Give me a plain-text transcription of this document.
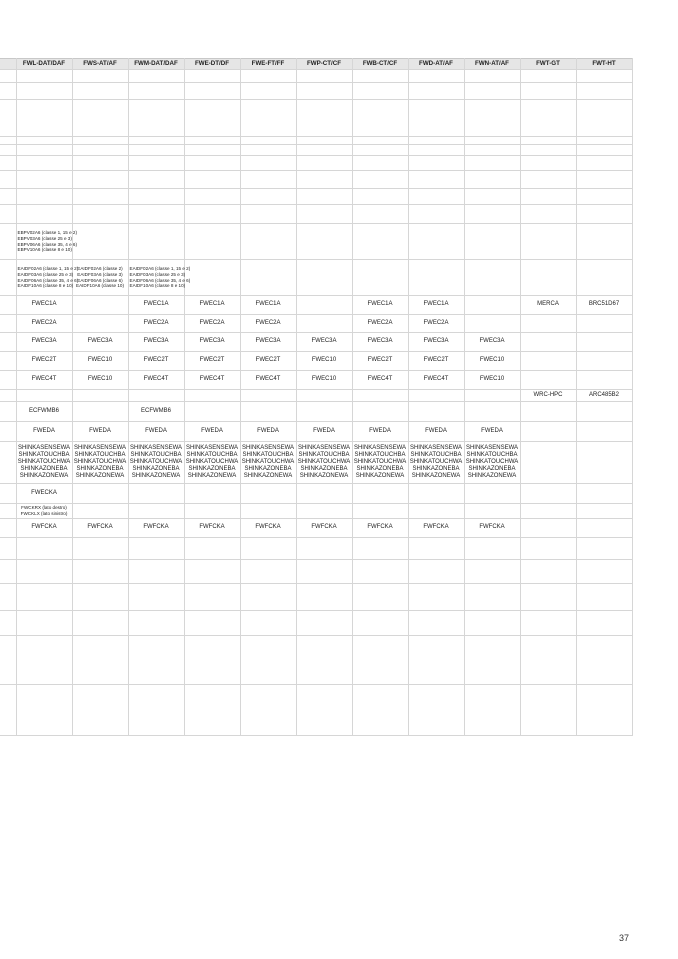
	FWL-DAT/DAF	FWS-AT/AF	FWM-DAT/DAF	FWE-DT/DF	FWE-FT/FF	FWP-CT/CF	FWB-CT/CF	FWD-AT/AF	FWN-AT/AF	FWT-GT	FWT-HT

	EBPV02A6 (classe 1, 15 e 2)
EBPV03A6 (classe 25 e 3)
EBPV06A6 (classe 35, 4 e 6)
EBPV10A6 (classe 8 e 10)										

	EAIDF02A6 (classe 1, 15 e 2)
EAIDF03A6 (classe 25 e 3)
EAIDF06A6 (classe 35, 4 e 6)
EAIDF10A6 (classe 8 e 10)	EAIDF02A6 (classe 2)
EAIDF03A6 (classe 3)
EAIDF06A6 (classe 6)
EAIDF10A6 (classe 10)	EAIDF02A6 (classe 1, 15 e 2)
EAIDF03A6 (classe 25 e 3)
EAIDF06A6 (classe 35, 4 e 6)
EAIDF10A6 (classe 8 e 10)								

	FWEC1A		FWEC1A	FWEC1A	FWEC1A		FWEC1A	FWEC1A		MERCA	BRC51D67
	FWEC2A		FWEC2A	FWEC2A	FWEC2A		FWEC2A	FWEC2A			
	FWEC3A	FWEC3A	FWEC3A	FWEC3A	FWEC3A	FWEC3A	FWEC3A	FWEC3A	FWEC3A		
	FWEC2T	FWEC10	FWEC2T	FWEC2T	FWEC2T	FWEC10	FWEC2T	FWEC2T	FWEC10		
	FWEC4T	FWEC10	FWEC4T	FWEC4T	FWEC4T	FWEC10	FWEC4T	FWEC4T	FWEC10		
										WRC-HPC	ARC485B2
	ECFWMB6		ECFWMB6								
	FWEDA	FWEDA	FWEDA	FWEDA	FWEDA	FWEDA	FWEDA	FWEDA	FWEDA		

	SHINKASENSEWA
SHINKATOUCHBA
SHINKATOUCHWA
SHINKAZONEBA
SHINKAZONEWA	SHINKASENSEWA
SHINKATOUCHBA
SHINKATOUCHWA
SHINKAZONEBA
SHINKAZONEWA	SHINKASENSEWA
SHINKATOUCHBA
SHINKATOUCHWA
SHINKAZONEBA
SHINKAZONEWA	SHINKASENSEWA
SHINKATOUCHBA
SHINKATOUCHWA
SHINKAZONEBA
SHINKAZONEWA	SHINKASENSEWA
SHINKATOUCHBA
SHINKATOUCHWA
SHINKAZONEBA
SHINKAZONEWA	SHINKASENSEWA
SHINKATOUCHBA
SHINKATOUCHWA
SHINKAZONEBA
SHINKAZONEWA	SHINKASENSEWA
SHINKATOUCHBA
SHINKATOUCHWA
SHINKAZONEBA
SHINKAZONEWA	SHINKASENSEWA
SHINKATOUCHBA
SHINKATOUCHWA
SHINKAZONEBA
SHINKAZONEWA	SHINKASENSEWA
SHINKATOUCHBA
SHINKATOUCHWA
SHINKAZONEBA
SHINKAZONEWA		

	FWECKA										

	FWCKRX (lato destro)
FWCKLX (lato sinistro)										

	FWFCKA	FWFCKA	FWFCKA	FWFCKA	FWFCKA	FWFCKA	FWFCKA	FWFCKA	FWFCKA		

37
